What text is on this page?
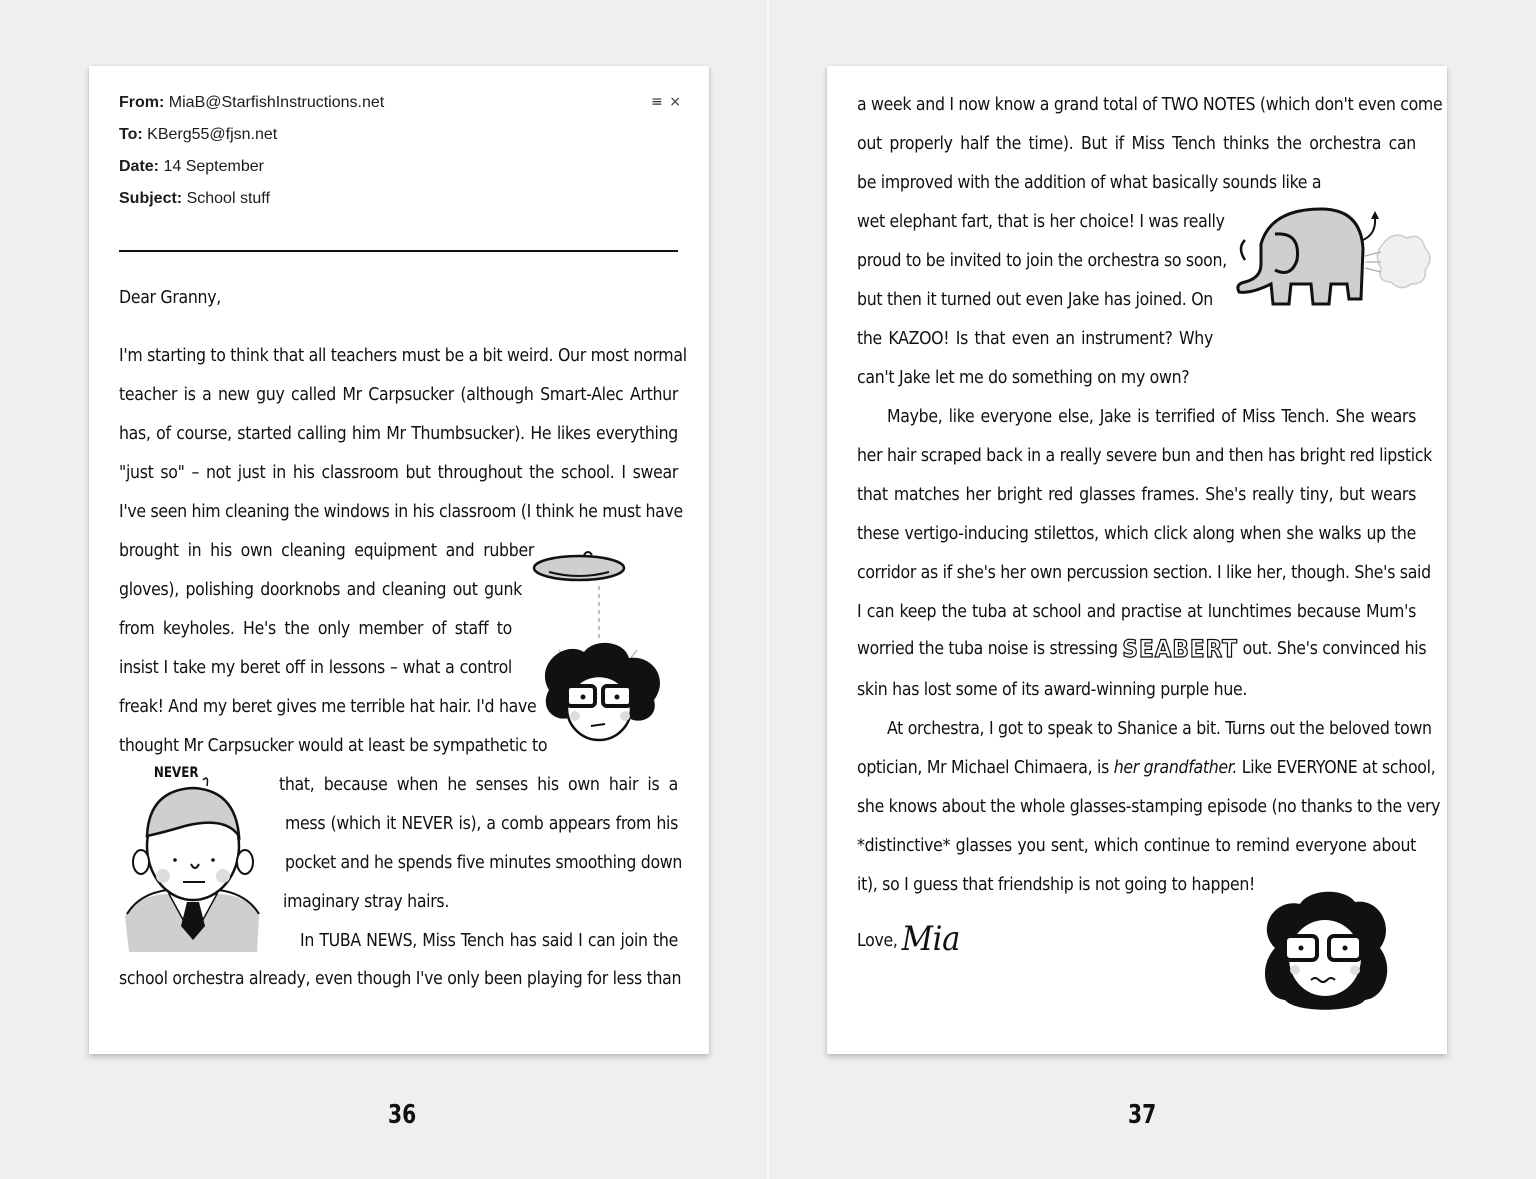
From: MiaB@StarfishInstructions.net
To: KBerg55@fjsn.net
Date: 14 September
Subject: School stuff
≡ ×
Dear Granny,
I'm starting to think that all teachers must be a bit weird. Our most normal
teacher is a new guy called Mr Carpsucker (although Smart-Alec Arthur
has, of course, started calling him Mr Thumbsucker). He likes everything
"just so" – not just in his classroom but throughout the school. I swear
I've seen him cleaning the windows in his classroom (I think he must have
brought in his own cleaning equipment and rubber
gloves), polishing doorknobs and cleaning out gunk
from keyholes. He's the only member of staff to
insist I take my beret off in lessons – what a control
freak! And my beret gives me terrible hat hair. I'd have
thought Mr Carpsucker would at least be sympathetic to
that, because when he senses his own hair is a
mess (which it NEVER is), a comb appears from his
pocket and he spends five minutes smoothing down
imaginary stray hairs.
In TUBA NEWS, Miss Tench has said I can join the
school orchestra already, even though I've only been playing for less than
NEVER
36
a week and I now know a grand total of TWO NOTES (which don't even come
out properly half the time). But if Miss Tench thinks the orchestra can
be improved with the addition of what basically sounds like a
wet elephant fart, that is her choice! I was really
proud to be invited to join the orchestra so soon,
but then it turned out even Jake has joined. On
the KAZOO! Is that even an instrument? Why
can't Jake let me do something on my own?
Maybe, like everyone else, Jake is terrified of Miss Tench. She wears
her hair scraped back in a really severe bun and then has bright red lipstick
that matches her bright red glasses frames. She's really tiny, but wears
these vertigo-inducing stilettos, which click along when she walks up the
corridor as if she's her own percussion section. I like her, though. She's said
I can keep the tuba at school and practise at lunchtimes because Mum's
worried the tuba noise is stressing SEABERT out. She's convinced his
skin has lost some of its award-winning purple hue.
At orchestra, I got to speak to Shanice a bit. Turns out the beloved town
optician, Mr Michael Chimaera, is her grandfather. Like EVERYONE at school,
she knows about the whole glasses-stamping episode (no thanks to the very
*distinctive* glasses you sent, which continue to remind everyone about
it), so I guess that friendship is not going to happen!
Love, Mia
37
